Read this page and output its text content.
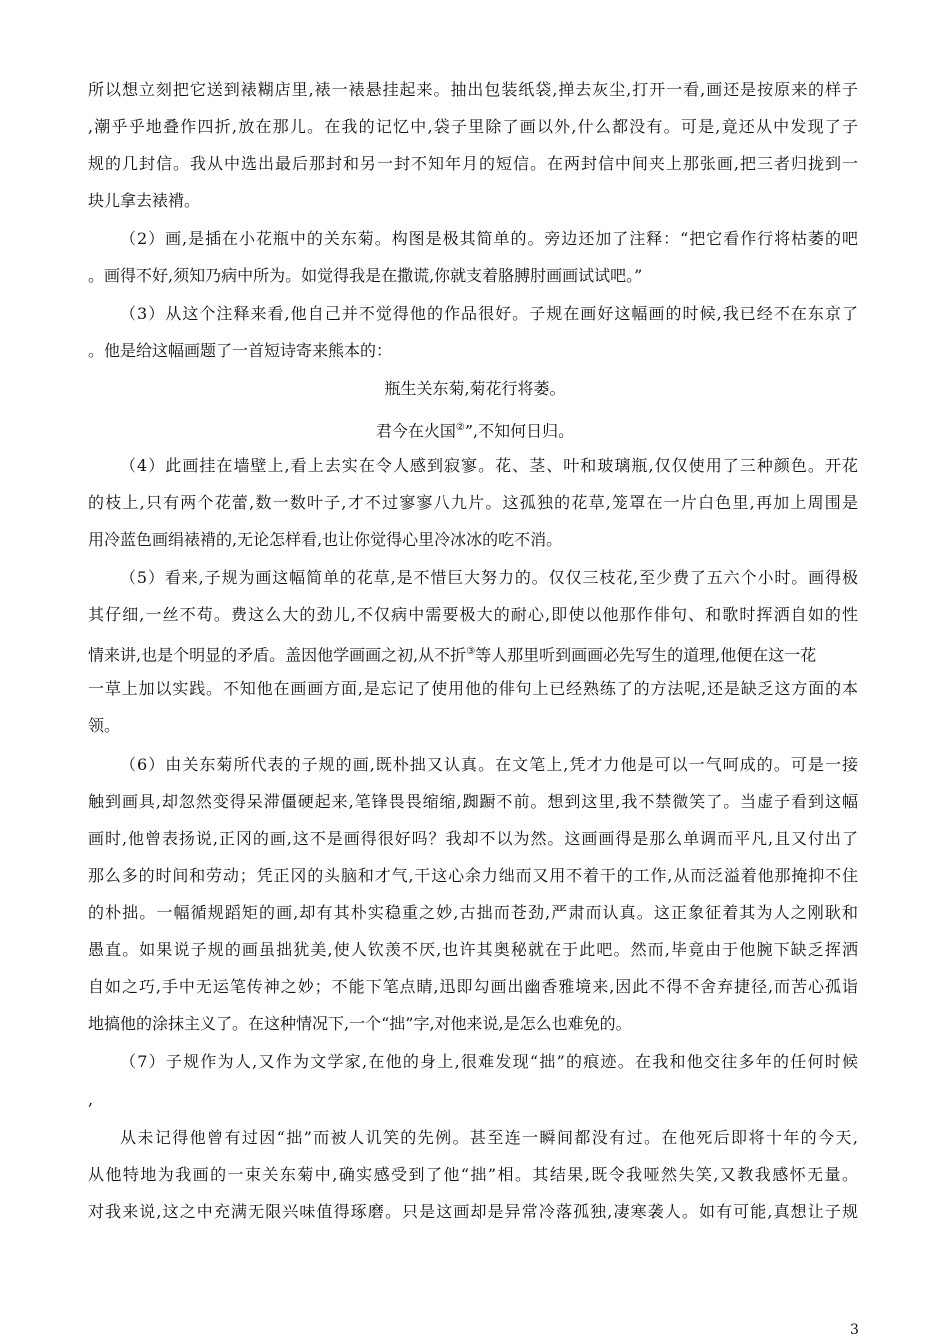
所以想立刻把它送到裱糊店里,裱一裱悬挂起来。抽出包装纸袋,掸去灰尘,打开一看,画还是按原来的样子
,潮乎乎地叠作四折,放在那儿。在我的记忆中,袋子里除了画以外,什么都没有。可是,竟还从中发现了子
规的几封信。我从中选出最后那封和另一封不知年月的短信。在两封信中间夹上那张画,把三者归拢到一
块儿拿去裱褙。
（2）画,是插在小花瓶中的关东菊。构图是极其简单的。旁边还加了注释：“把它看作行将枯萎的吧
。画得不好,须知乃病中所为。如觉得我是在撒谎,你就支着胳膊肘画画试试吧。”
（3）从这个注释来看,他自己并不觉得他的作品很好。子规在画好这幅画的时候,我已经不在东京了
。他是给这幅画题了一首短诗寄来熊本的：
瓶生关东菊,菊花行将萎。
君今在火国②”,不知何日归。
（4）此画挂在墙壁上,看上去实在令人感到寂寥。花、茎、叶和玻璃瓶,仅仅使用了三种颜色。开花
的枝上,只有两个花蕾,数一数叶子,才不过寥寥八九片。这孤独的花草,笼罩在一片白色里,再加上周围是
用冷蓝色画绢裱褙的,无论怎样看,也让你觉得心里冷冰冰的吃不消。
（5）看来,子规为画这幅简单的花草,是不惜巨大努力的。仅仅三枝花,至少费了五六个小时。画得极
其仔细,一丝不苟。费这么大的劲儿,不仅病中需要极大的耐心,即使以他那作俳句、和歌时挥洒自如的性
情来讲,也是个明显的矛盾。盖因他学画画之初,从不折③等人那里听到画画必先写生的道理,他便在这一花
一草上加以实践。不知他在画画方面,是忘记了使用他的俳句上已经熟练了的方法呢,还是缺乏这方面的本
领。
（6）由关东菊所代表的子规的画,既朴拙又认真。在文笔上,凭才力他是可以一气呵成的。可是一接
触到画具,却忽然变得呆滞僵硬起来,笔锋畏畏缩缩,踟蹰不前。想到这里,我不禁微笑了。当虚子看到这幅
画时,他曾表扬说,正冈的画,这不是画得很好吗？我却不以为然。这画画得是那么单调而平凡,且又付出了
那么多的时间和劳动；凭正冈的头脑和才气,干这心余力绌而又用不着干的工作,从而泛溢着他那掩抑不住
的朴拙。一幅循规蹈矩的画,却有其朴实稳重之妙,古拙而苍劲,严肃而认真。这正象征着其为人之刚耿和
愚直。如果说子规的画虽拙犹美,使人钦羡不厌,也许其奥秘就在于此吧。然而,毕竟由于他腕下缺乏挥洒
自如之巧,手中无运笔传神之妙；不能下笔点睛,迅即勾画出幽香雅境来,因此不得不舍弃捷径,而苦心孤诣
地搞他的涂抹主义了。在这种情况下,一个“拙”字,对他来说,是怎么也难免的。
（7）子规作为人,又作为文学家,在他的身上,很难发现“拙”的痕迹。在我和他交往多年的任何时候
,
从未记得他曾有过因“拙”而被人讥笑的先例。甚至连一瞬间都没有过。在他死后即将十年的今天,
从他特地为我画的一束关东菊中,确实感受到了他“拙”相。其结果,既令我哑然失笑,又教我感怀无量。
对我来说,这之中充满无限兴味值得琢磨。只是这画却是异常冷落孤独,凄寒袭人。如有可能,真想让子规
3
